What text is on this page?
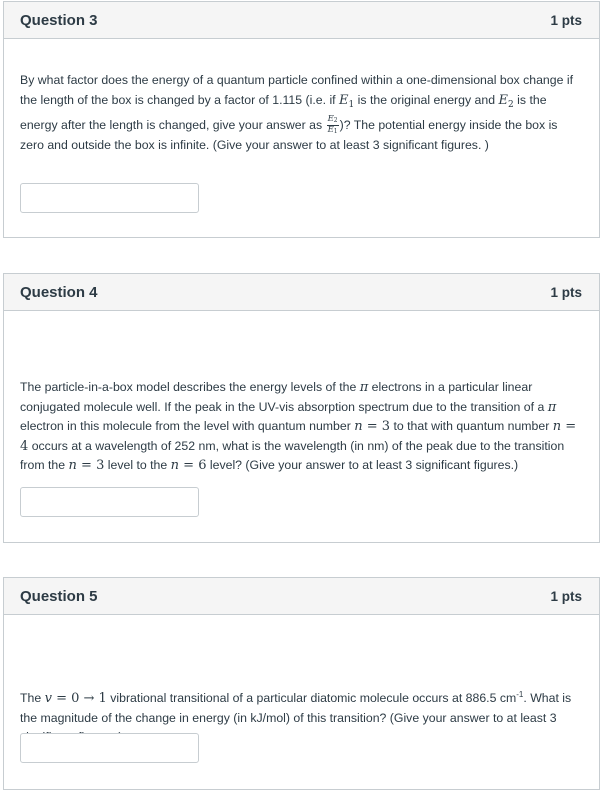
Question 3	1 pts

By what factor does the energy of a quantum particle confined within a one-dimensional box change if the length of the box is changed by a factor of 1.115 (i.e. if $E_1$ is the original energy and $E_2$ is the energy after the length is changed, give your answer as $\frac{E_2}{E_1}$ )? The potential energy inside the box is zero and outside the box is infinite. (Give your answer to at least 3 significant figures. )

Question 4	1 pts

The particle-in-a-box model describes the energy levels of the π electrons in a particular linear conjugated molecule well. If the peak in the UV-vis absorption spectrum due to the transition of a π electron in this molecule from the level with quantum number n = 3 to that with quantum number n = 4 occurs at a wavelength of 252 nm, what is the wavelength (in nm) of the peak due to the transition from the n = 3 level to the n = 6 level? (Give your answer to at least 3 significant figures.)

Question 5	1 pts

The v = 0 → 1 vibrational transitional of a particular diatomic molecule occurs at 886.5 $cm^{-1}$. What is the magnitude of the change in energy (in kJ/mol) of this transition? (Give your answer to at least 3
